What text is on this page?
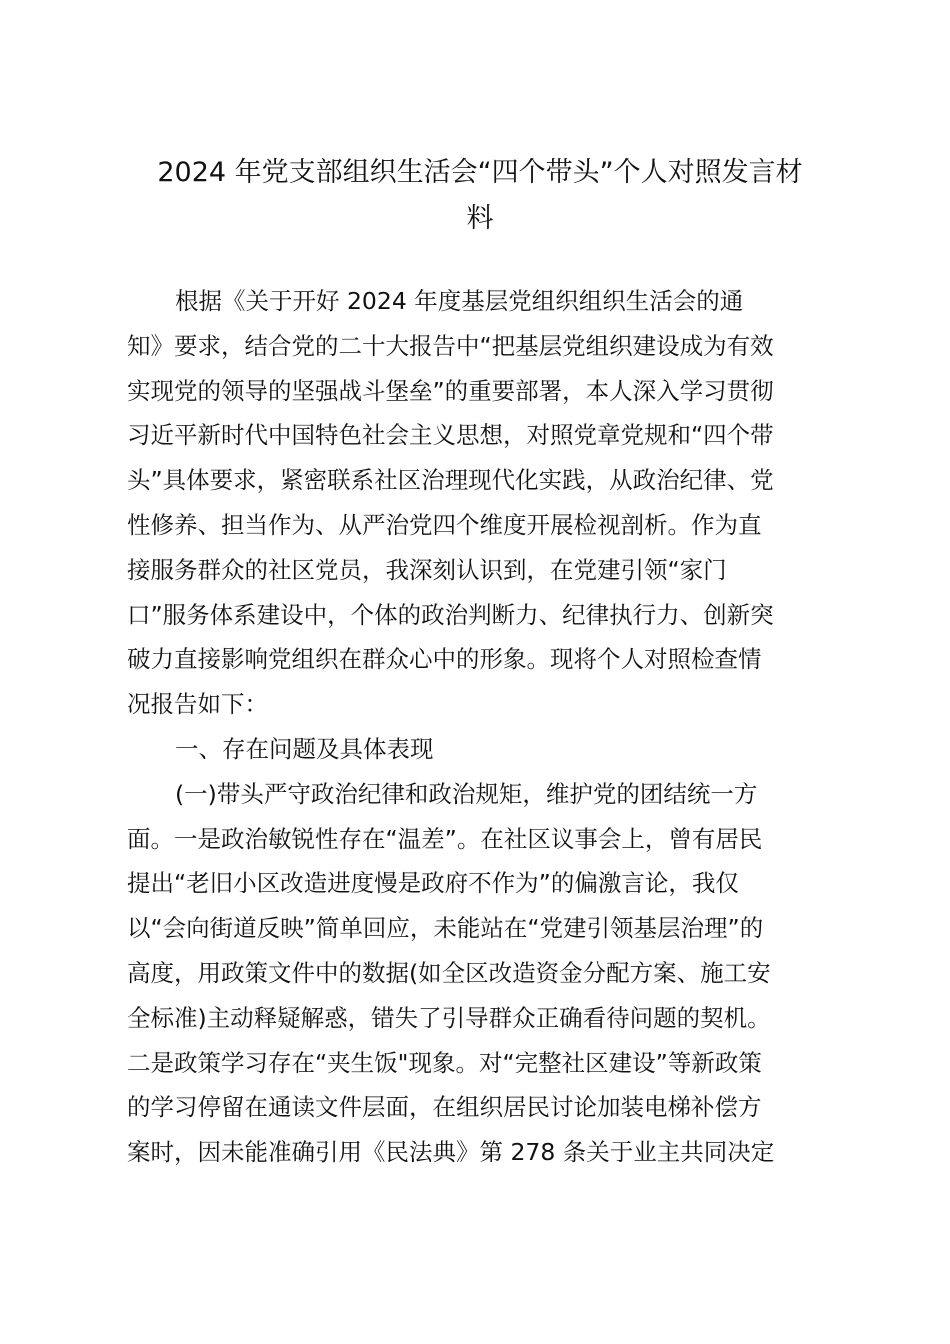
2024 年党支部组织生活会“四个带头”个人对照发言材
料
根据《关于开好 2024 年度基层党组织组织生活会的通
知》要求，结合党的二十大报告中“把基层党组织建设成为有效
实现党的领导的坚强战斗堡垒”的重要部署，本人深入学习贯彻
习近平新时代中国特色社会主义思想，对照党章党规和“四个带
头”具体要求，紧密联系社区治理现代化实践，从政治纪律、党
性修养、担当作为、从严治党四个维度开展检视剖析。作为直
接服务群众的社区党员，我深刻认识到，在党建引领“家门
口”服务体系建设中，个体的政治判断力、纪律执行力、创新突
破力直接影响党组织在群众心中的形象。现将个人对照检查情
况报告如下：
一、存在问题及具体表现
(一)带头严守政治纪律和政治规矩，维护党的团结统一方
面。一是政治敏锐性存在“温差”。在社区议事会上，曾有居民
提出“老旧小区改造进度慢是政府不作为”的偏激言论，我仅
以“会向街道反映”简单回应，未能站在“党建引领基层治理”的
高度，用政策文件中的数据(如全区改造资金分配方案、施工安
全标准)主动释疑解惑，错失了引导群众正确看待问题的契机。
二是政策学习存在“夹生饭"现象。对“完整社区建设”等新政策
的学习停留在通读文件层面，在组织居民讨论加装电梯补偿方
案时，因未能准确引用《民法典》第 278 条关于业主共同决定
